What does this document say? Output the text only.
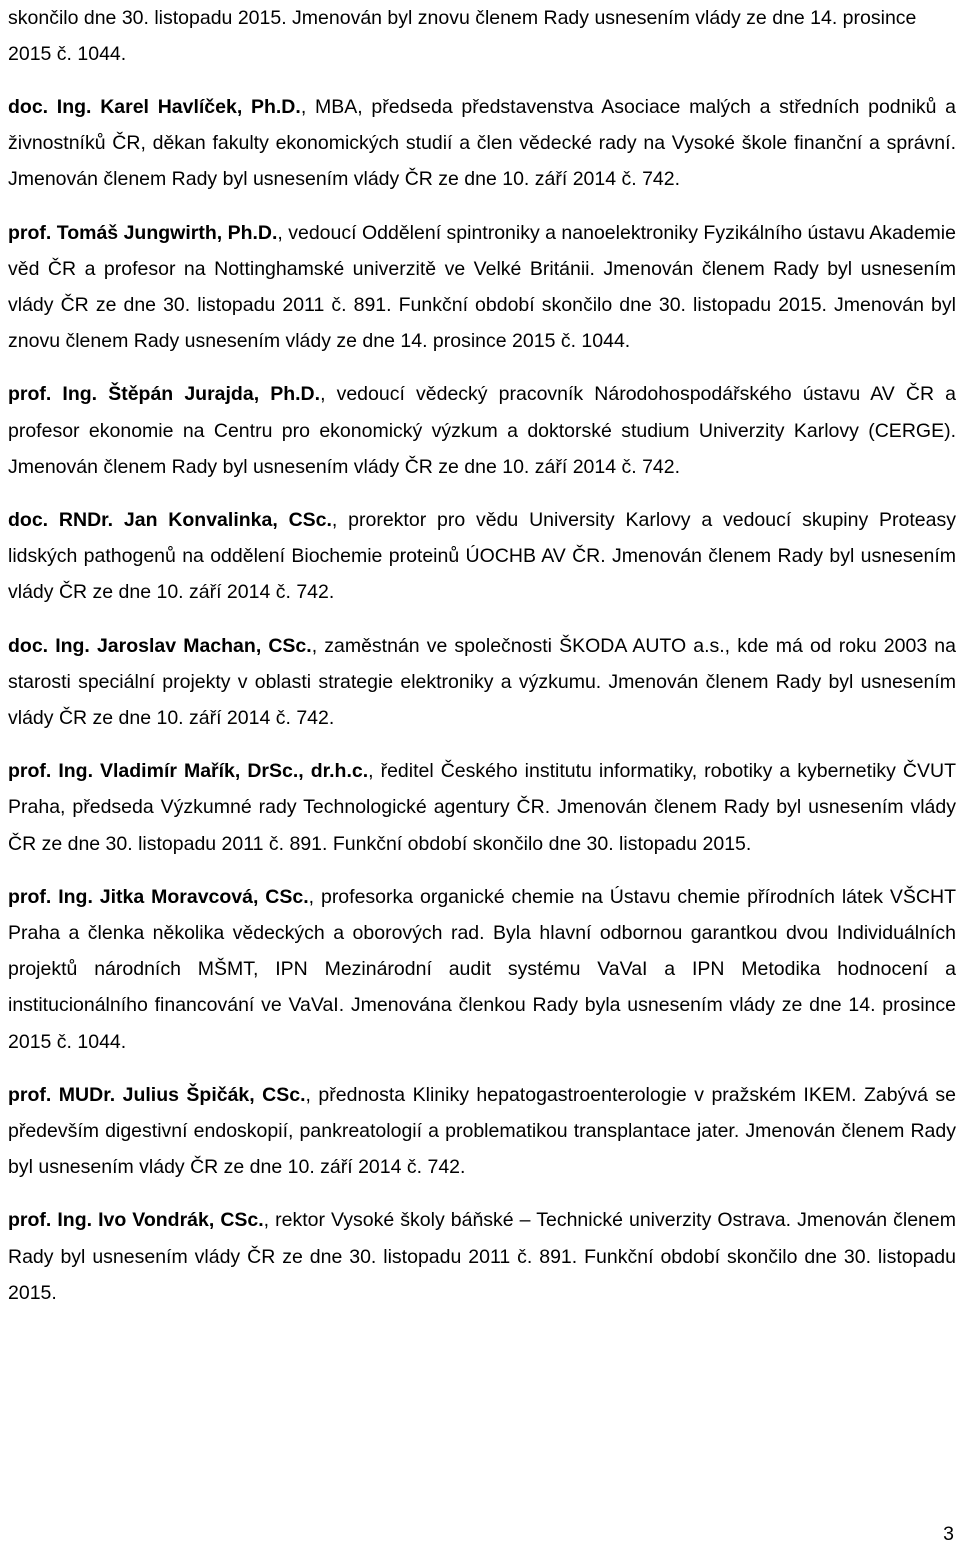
skončilo dne 30. listopadu 2015. Jmenován byl znovu členem Rady usnesením vlády ze dne 14. prosince 2015 č. 1044.

doc. Ing. Karel Havlíček, Ph.D., MBA, předseda představenstva Asociace malých a středních podniků a živnostníků ČR, děkan fakulty ekonomických studií a člen vědecké rady na Vysoké škole finanční a správní. Jmenován členem Rady byl usnesením vlády ČR ze dne 10. září 2014 č. 742.

prof. Tomáš Jungwirth, Ph.D., vedoucí Oddělení spintroniky a nanoelektroniky Fyzikálního ústavu Akademie věd ČR a profesor na Nottinghamské univerzitě ve Velké Británii. Jmenován členem Rady byl usnesením vlády ČR ze dne 30. listopadu 2011 č. 891. Funkční období skončilo dne 30. listopadu 2015. Jmenován byl znovu členem Rady usnesením vlády ze dne 14. prosince 2015 č. 1044.

prof. Ing. Štěpán Jurajda, Ph.D., vedoucí vědecký pracovník Národohospodářského ústavu AV ČR a profesor ekonomie na Centru pro ekonomický výzkum a doktorské studium Univerzity Karlovy (CERGE). Jmenován členem Rady byl usnesením vlády ČR ze dne 10. září 2014 č. 742.

doc. RNDr. Jan Konvalinka, CSc., prorektor pro vědu University Karlovy a vedoucí skupiny Proteasy lidských pathogenů na oddělení Biochemie proteinů ÚOCHB AV ČR. Jmenován členem Rady byl usnesením vlády ČR ze dne 10. září 2014 č. 742.

doc. Ing. Jaroslav Machan, CSc., zaměstnán ve společnosti ŠKODA AUTO a.s., kde má od roku 2003 na starosti speciální projekty v oblasti strategie elektroniky a výzkumu. Jmenován členem Rady byl usnesením vlády ČR ze dne 10. září 2014 č. 742.

prof. Ing. Vladimír Mařík, DrSc., dr.h.c., ředitel Českého institutu informatiky, robotiky a kybernetiky ČVUT Praha, předseda Výzkumné rady Technologické agentury ČR. Jmenován členem Rady byl usnesením vlády ČR ze dne 30. listopadu 2011 č. 891. Funkční období skončilo dne 30. listopadu 2015.

prof. Ing. Jitka Moravcová, CSc., profesorka organické chemie na Ústavu chemie přírodních látek VŠCHT Praha a členka několika vědeckých a oborových rad. Byla hlavní odbornou garantkou dvou Individuálních projektů národních MŠMT, IPN Mezinárodní audit systému VaVaI a IPN Metodika hodnocení a institucionálního financování ve VaVaI. Jmenována členkou Rady byla usnesením vlády ze dne 14. prosince 2015 č. 1044.

prof. MUDr. Julius Špičák, CSc., přednosta Kliniky hepatogastroenterologie v pražském IKEM. Zabývá se především digestivní endoskopií, pankreatologií a problematikou transplantace jater. Jmenován členem Rady byl usnesením vlády ČR ze dne 10. září 2014 č. 742.

prof. Ing. Ivo Vondrák, CSc., rektor Vysoké školy báňské – Technické univerzity Ostrava. Jmenován členem Rady byl usnesením vlády ČR ze dne 30. listopadu 2011 č. 891. Funkční období skončilo dne 30. listopadu 2015.

3
